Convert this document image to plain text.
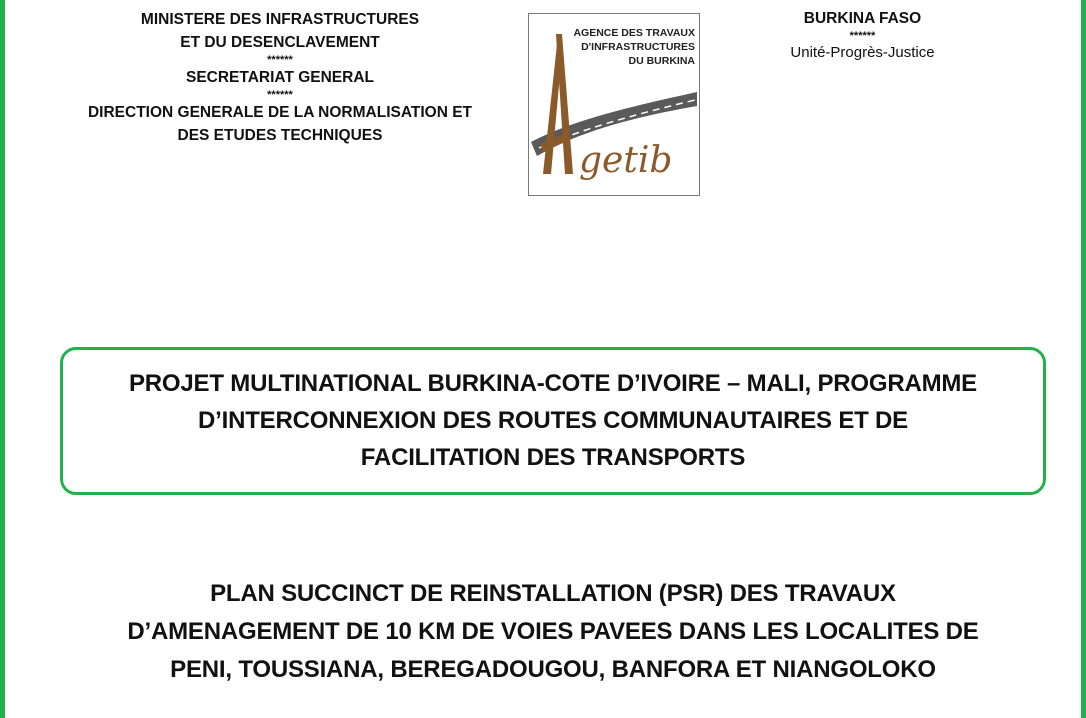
MINISTERE DES INFRASTRUCTURES
ET DU DESENCLAVEMENT
******
SECRETARIAT GENERAL
******
DIRECTION GENERALE DE LA NORMALISATION ET
DES ETUDES TECHNIQUES
getib
AGENCE DES TRAVAUX
D'INFRASTRUCTURES
DU BURKINA
BURKINA FASO
******
Unité-Progrès-Justice
PROJET MULTINATIONAL BURKINA-COTE D’IVOIRE – MALI, PROGRAMME
D’INTERCONNEXION DES ROUTES COMMUNAUTAIRES ET DE
FACILITATION DES TRANSPORTS
PLAN SUCCINCT DE REINSTALLATION (PSR) DES TRAVAUX
D’AMENAGEMENT DE 10 KM DE VOIES PAVEES DANS LES LOCALITES DE
PENI, TOUSSIANA, BEREGADOUGOU, BANFORA ET NIANGOLOKO
